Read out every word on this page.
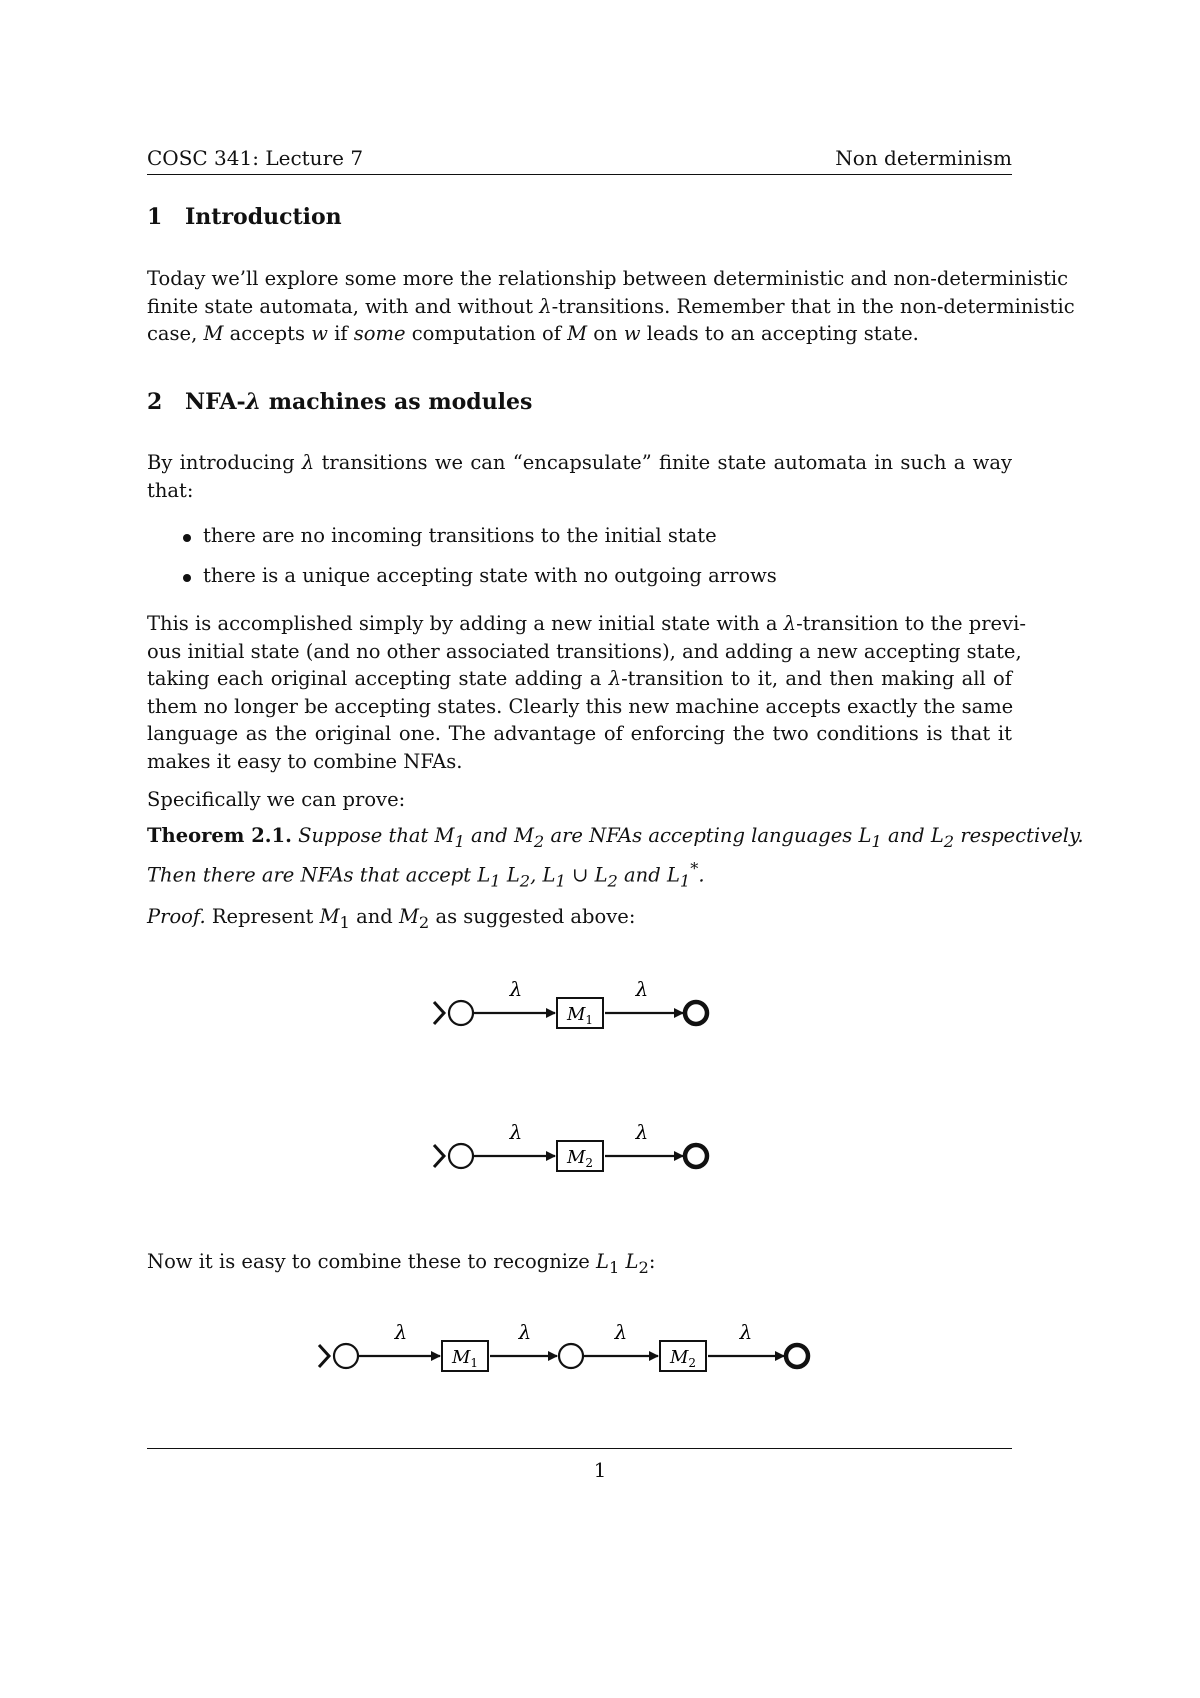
COSC 341: Lecture 7	Non determinism
1 Introduction
Today we’ll explore some more the relationship between deterministic and non-deterministic
finite state automata, with and without λ-transitions. Remember that in the non-deterministic
case, M accepts w if some computation of M on w leads to an accepting state.
2 NFA-λ machines as modules
By introducing λ transitions we can “encapsulate” finite state automata in such a way
that:
there are no incoming transitions to the initial state
there is a unique accepting state with no outgoing arrows
This is accomplished simply by adding a new initial state with a λ-transition to the previ-
ous initial state (and no other associated transitions), and adding a new accepting state,
taking each original accepting state adding a λ-transition to it, and then making all of
them no longer be accepting states. Clearly this new machine accepts exactly the same
language as the original one. The advantage of enforcing the two conditions is that it
makes it easy to combine NFAs.
Specifically we can prove:
Theorem 2.1. Suppose that $M_1$ and $M_2$ are NFAs accepting languages $L_1$ and $L_2$ respectively.
Then there are NFAs that accept $L_1$ $L_2$, $L_1$ ∪ $L_2$ and $L_1^*$.
Proof. Represent $M_1$ and $M_2$ as suggested above:
λ
$M_1$
λ
λ
$M_2$
λ
Now it is easy to combine these to recognize $L_1$ $L_2$:
λ
$M_1$
λ	λ
$M_2$
λ
1
